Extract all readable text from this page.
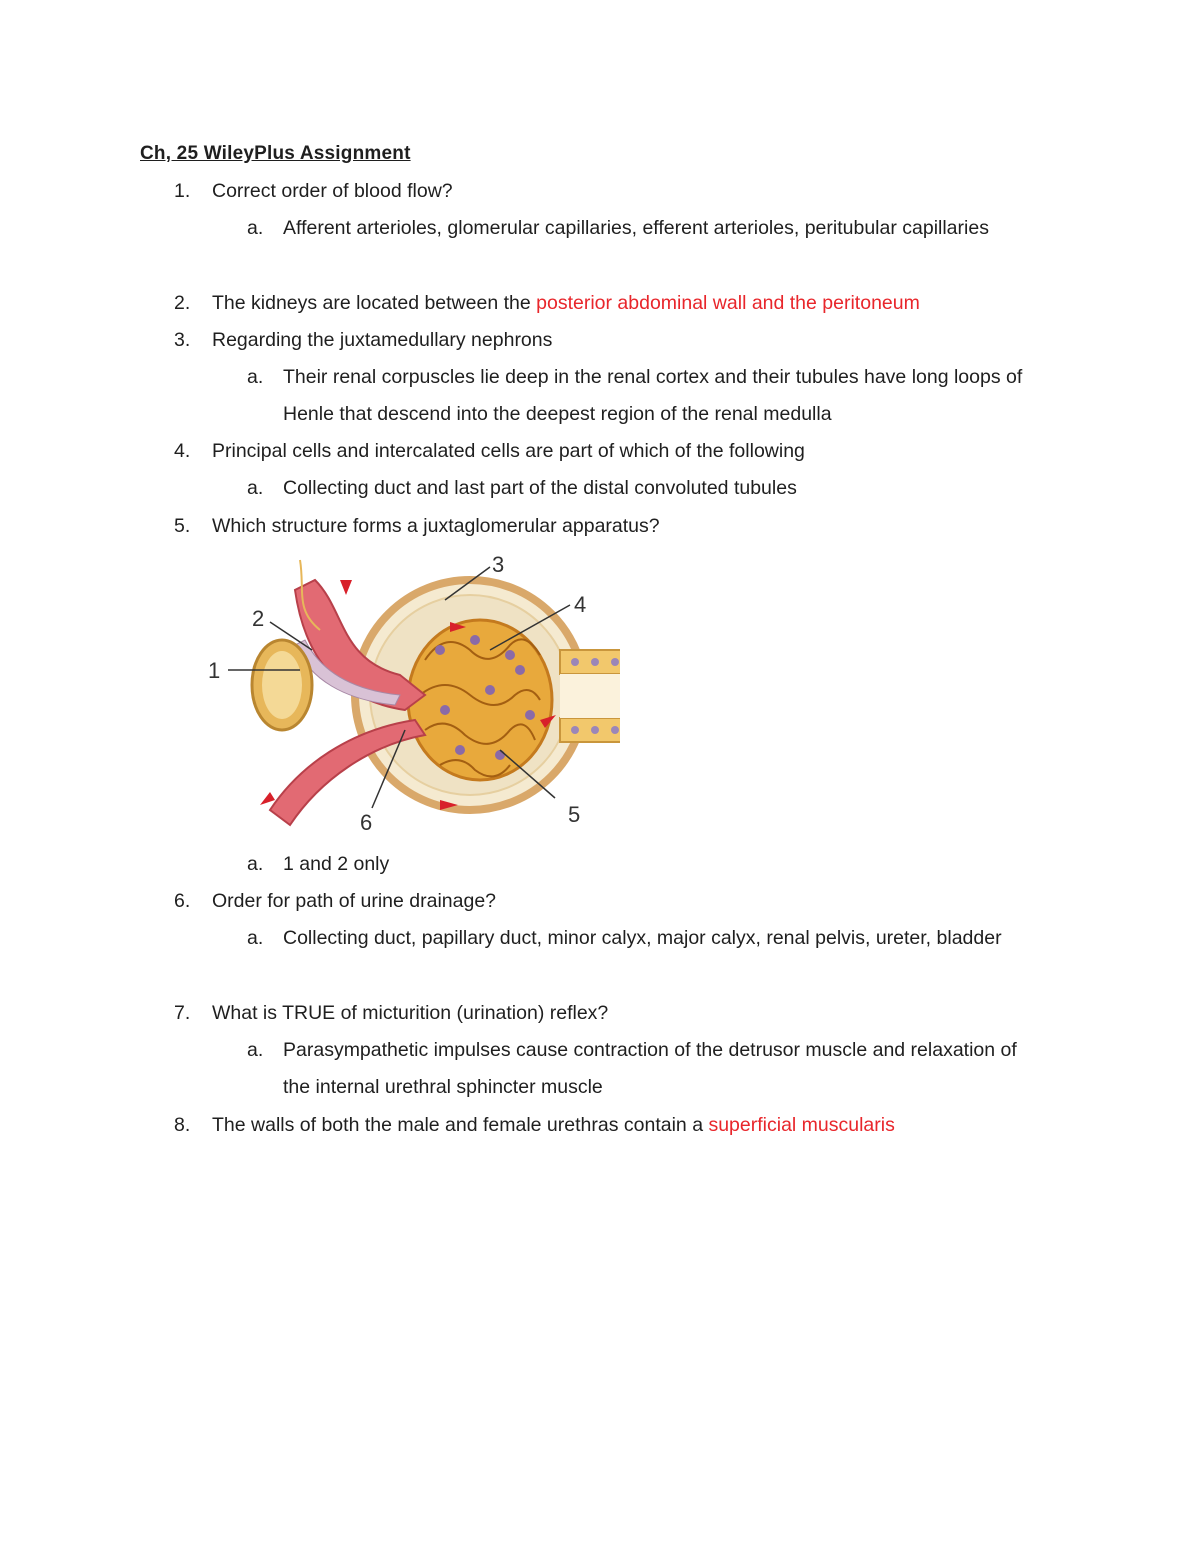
Ch, 25 WileyPlus Assignment
1. Correct order of blood flow?
a. Afferent arterioles, glomerular capillaries, efferent arterioles, peritubular capillaries
2. The kidneys are located between the posterior abdominal wall and the peritoneum
3. Regarding the juxtamedullary nephrons
a. Their renal corpuscles lie deep in the renal cortex and their tubules have long loops of Henle that descend into the deepest region of the renal medulla
4. Principal cells and intercalated cells are part of which of the following
a. Collecting duct and last part of the distal convoluted tubules
5. Which structure forms a juxtaglomerular apparatus?
1
2
3
4
5
6
a. 1 and 2 only
6. Order for path of urine drainage?
a. Collecting duct, papillary duct, minor calyx, major calyx, renal pelvis, ureter, bladder
7. What is TRUE of micturition (urination) reflex?
a. Parasympathetic impulses cause contraction of the detrusor muscle and relaxation of the internal urethral sphincter muscle
8. The walls of both the male and female urethras contain a superficial muscularis
